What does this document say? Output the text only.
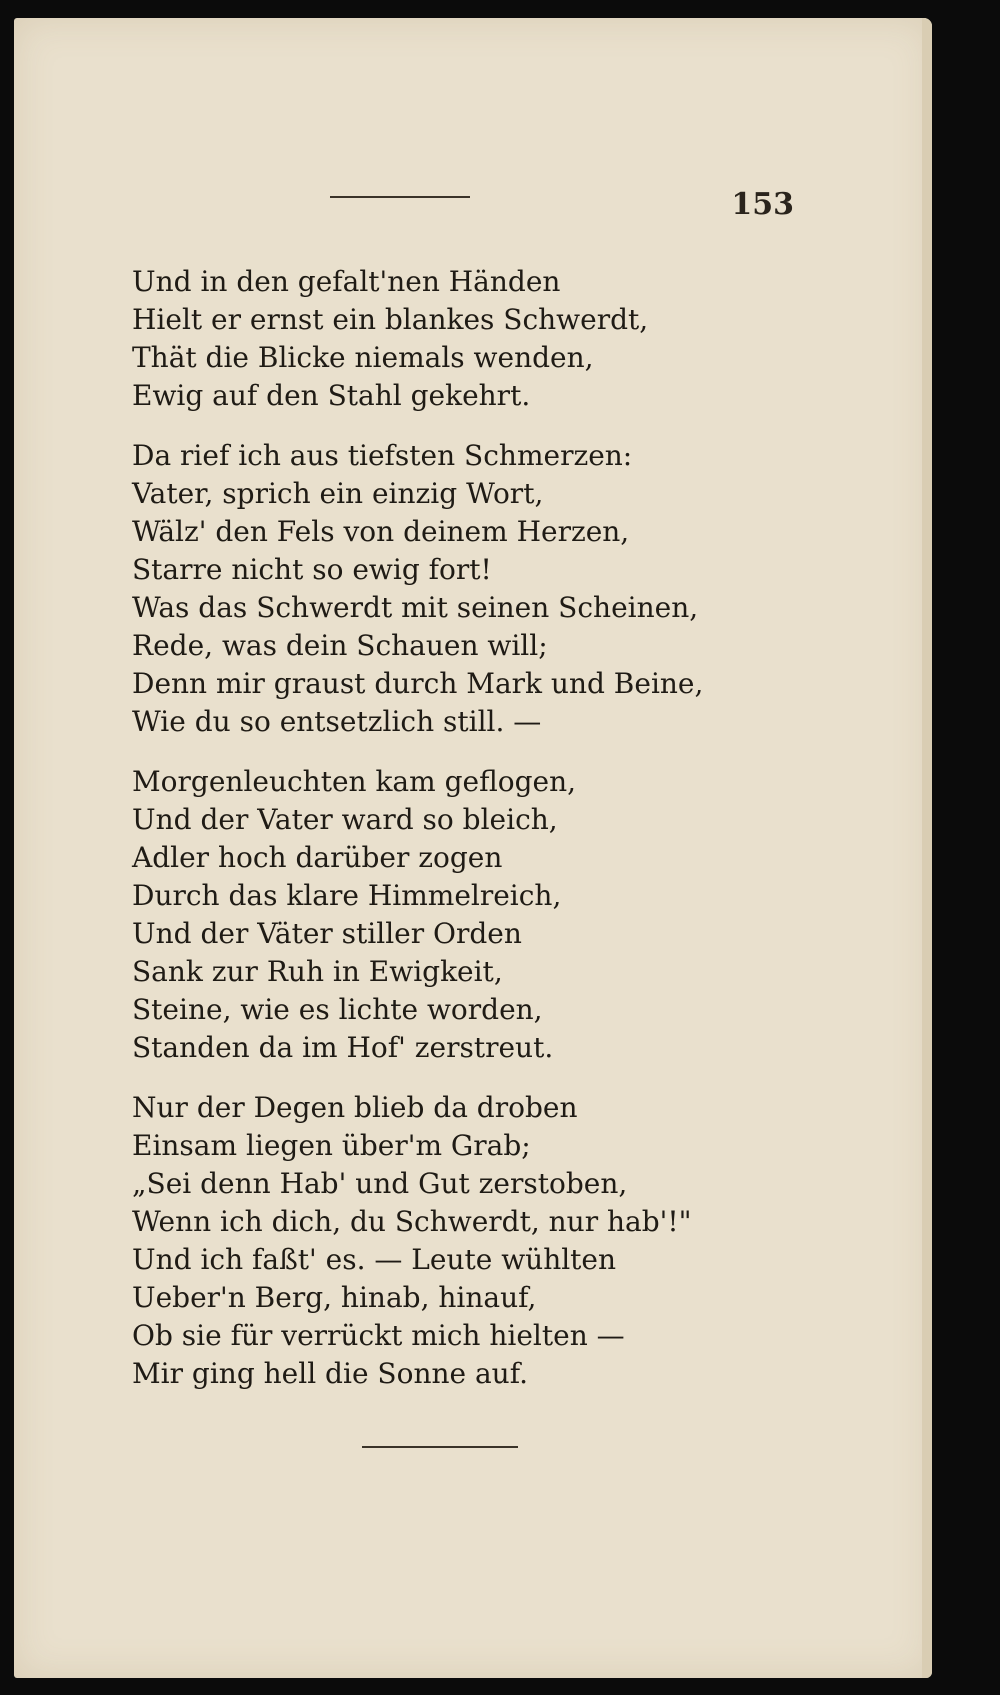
153
Und in den gefalt'nen Händen
Hielt er ernst ein blankes Schwerdt,
Thät die Blicke niemals wenden,
Ewig auf den Stahl gekehrt.
Da rief ich aus tiefsten Schmerzen:
Vater, sprich ein einzig Wort,
Wälz' den Fels von deinem Herzen,
Starre nicht so ewig fort!
Was das Schwerdt mit seinen Scheinen,
Rede, was dein Schauen will;
Denn mir graust durch Mark und Beine,
Wie du so entsetzlich still. —
Morgenleuchten kam geflogen,
Und der Vater ward so bleich,
Adler hoch darüber zogen
Durch das klare Himmelreich,
Und der Väter stiller Orden
Sank zur Ruh in Ewigkeit,
Steine, wie es lichte worden,
Standen da im Hof' zerstreut.
Nur der Degen blieb da droben
Einsam liegen über'm Grab;
„Sei denn Hab' und Gut zerstoben,
Wenn ich dich, du Schwerdt, nur hab'!"
Und ich faßt' es. — Leute wühlten
Ueber'n Berg, hinab, hinauf,
Ob sie für verrückt mich hielten —
Mir ging hell die Sonne auf.
